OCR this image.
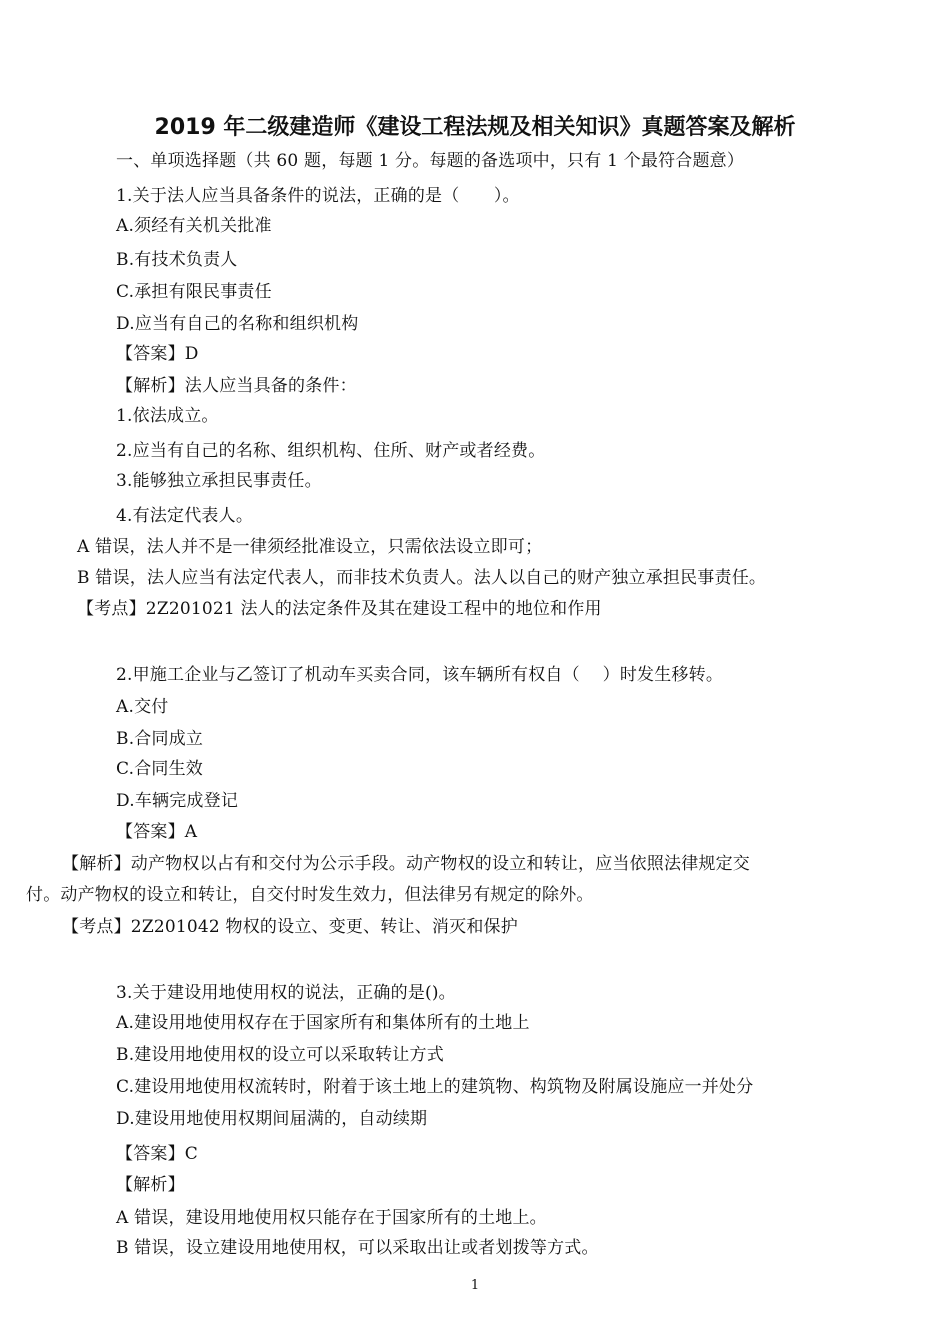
2019 年二级建造师《建设工程法规及相关知识》真题答案及解析
一、单项选择题（共 60 题，每题 1 分。每题的备选项中，只有 1 个最符合题意）
1.关于法人应当具备条件的说法，正确的是（　　）。
A.须经有关机关批准
B.有技术负责人
C.承担有限民事责任
D.应当有自己的名称和组织机构
【答案】D
【解析】法人应当具备的条件：
1.依法成立。
2.应当有自己的名称、组织机构、住所、财产或者经费。
3.能够独立承担民事责任。
4.有法定代表人。
A 错误，法人并不是一律须经批准设立，只需依法设立即可；
B 错误，法人应当有法定代表人，而非技术负责人。法人以自己的财产独立承担民事责任。
【考点】2Z201021 法人的法定条件及其在建设工程中的地位和作用
2.甲施工企业与乙签订了机动车买卖合同，该车辆所有权自（　 ）时发生移转。
A.交付
B.合同成立
C.合同生效
D.车辆完成登记
【答案】A
【解析】动产物权以占有和交付为公示手段。动产物权的设立和转让，应当依照法律规定交
付。动产物权的设立和转让，自交付时发生效力，但法律另有规定的除外。
【考点】2Z201042 物权的设立、变更、转让、消灭和保护
3.关于建设用地使用权的说法，正确的是()。
A.建设用地使用权存在于国家所有和集体所有的土地上
B.建设用地使用权的设立可以采取转让方式
C.建设用地使用权流转时，附着于该土地上的建筑物、构筑物及附属设施应一并处分
D.建设用地使用权期间届满的，自动续期
【答案】C
【解析】
A 错误，建设用地使用权只能存在于国家所有的土地上。
B 错误，设立建设用地使用权，可以采取出让或者划拨等方式。
1
